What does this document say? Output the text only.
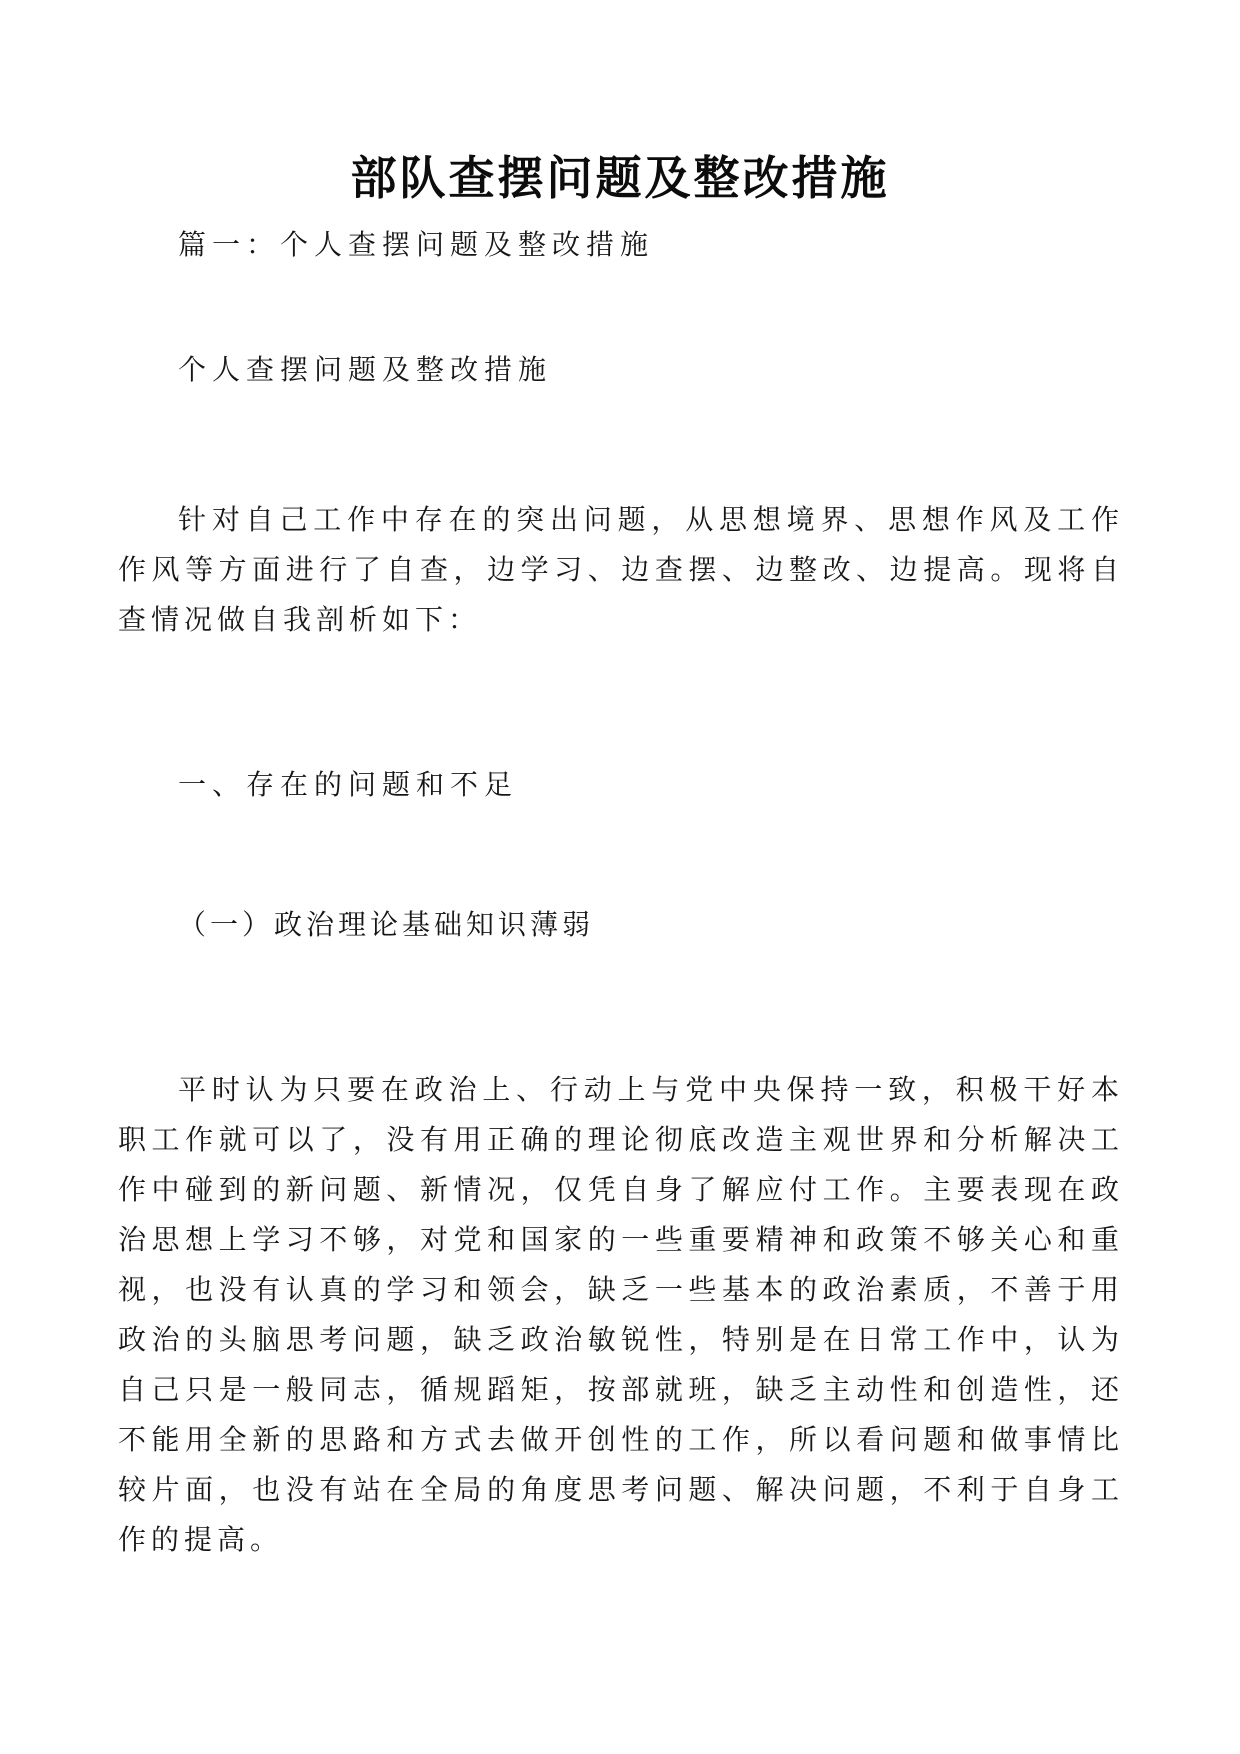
部队查摆问题及整改措施
篇一：个人查摆问题及整改措施
个人查摆问题及整改措施
针对自己工作中存在的突出问题，从思想境界、思想作风及工作作风等方面进行了自查，边学习、边查摆、边整改、边提高。现将自查情况做自我剖析如下：
一、存在的问题和不足
（一）政治理论基础知识薄弱
平时认为只要在政治上、行动上与党中央保持一致，积极干好本职工作就可以了，没有用正确的理论彻底改造主观世界和分析解决工作中碰到的新问题、新情况，仅凭自身了解应付工作。主要表现在政治思想上学习不够，对党和国家的一些重要精神和政策不够关心和重视，也没有认真的学习和领会，缺乏一些基本的政治素质，不善于用政治的头脑思考问题，缺乏政治敏锐性，特别是在日常工作中，认为自己只是一般同志，循规蹈矩，按部就班，缺乏主动性和创造性，还不能用全新的思路和方式去做开创性的工作，所以看问题和做事情比较片面，也没有站在全局的角度思考问题、解决问题，不利于自身工作的提高。
